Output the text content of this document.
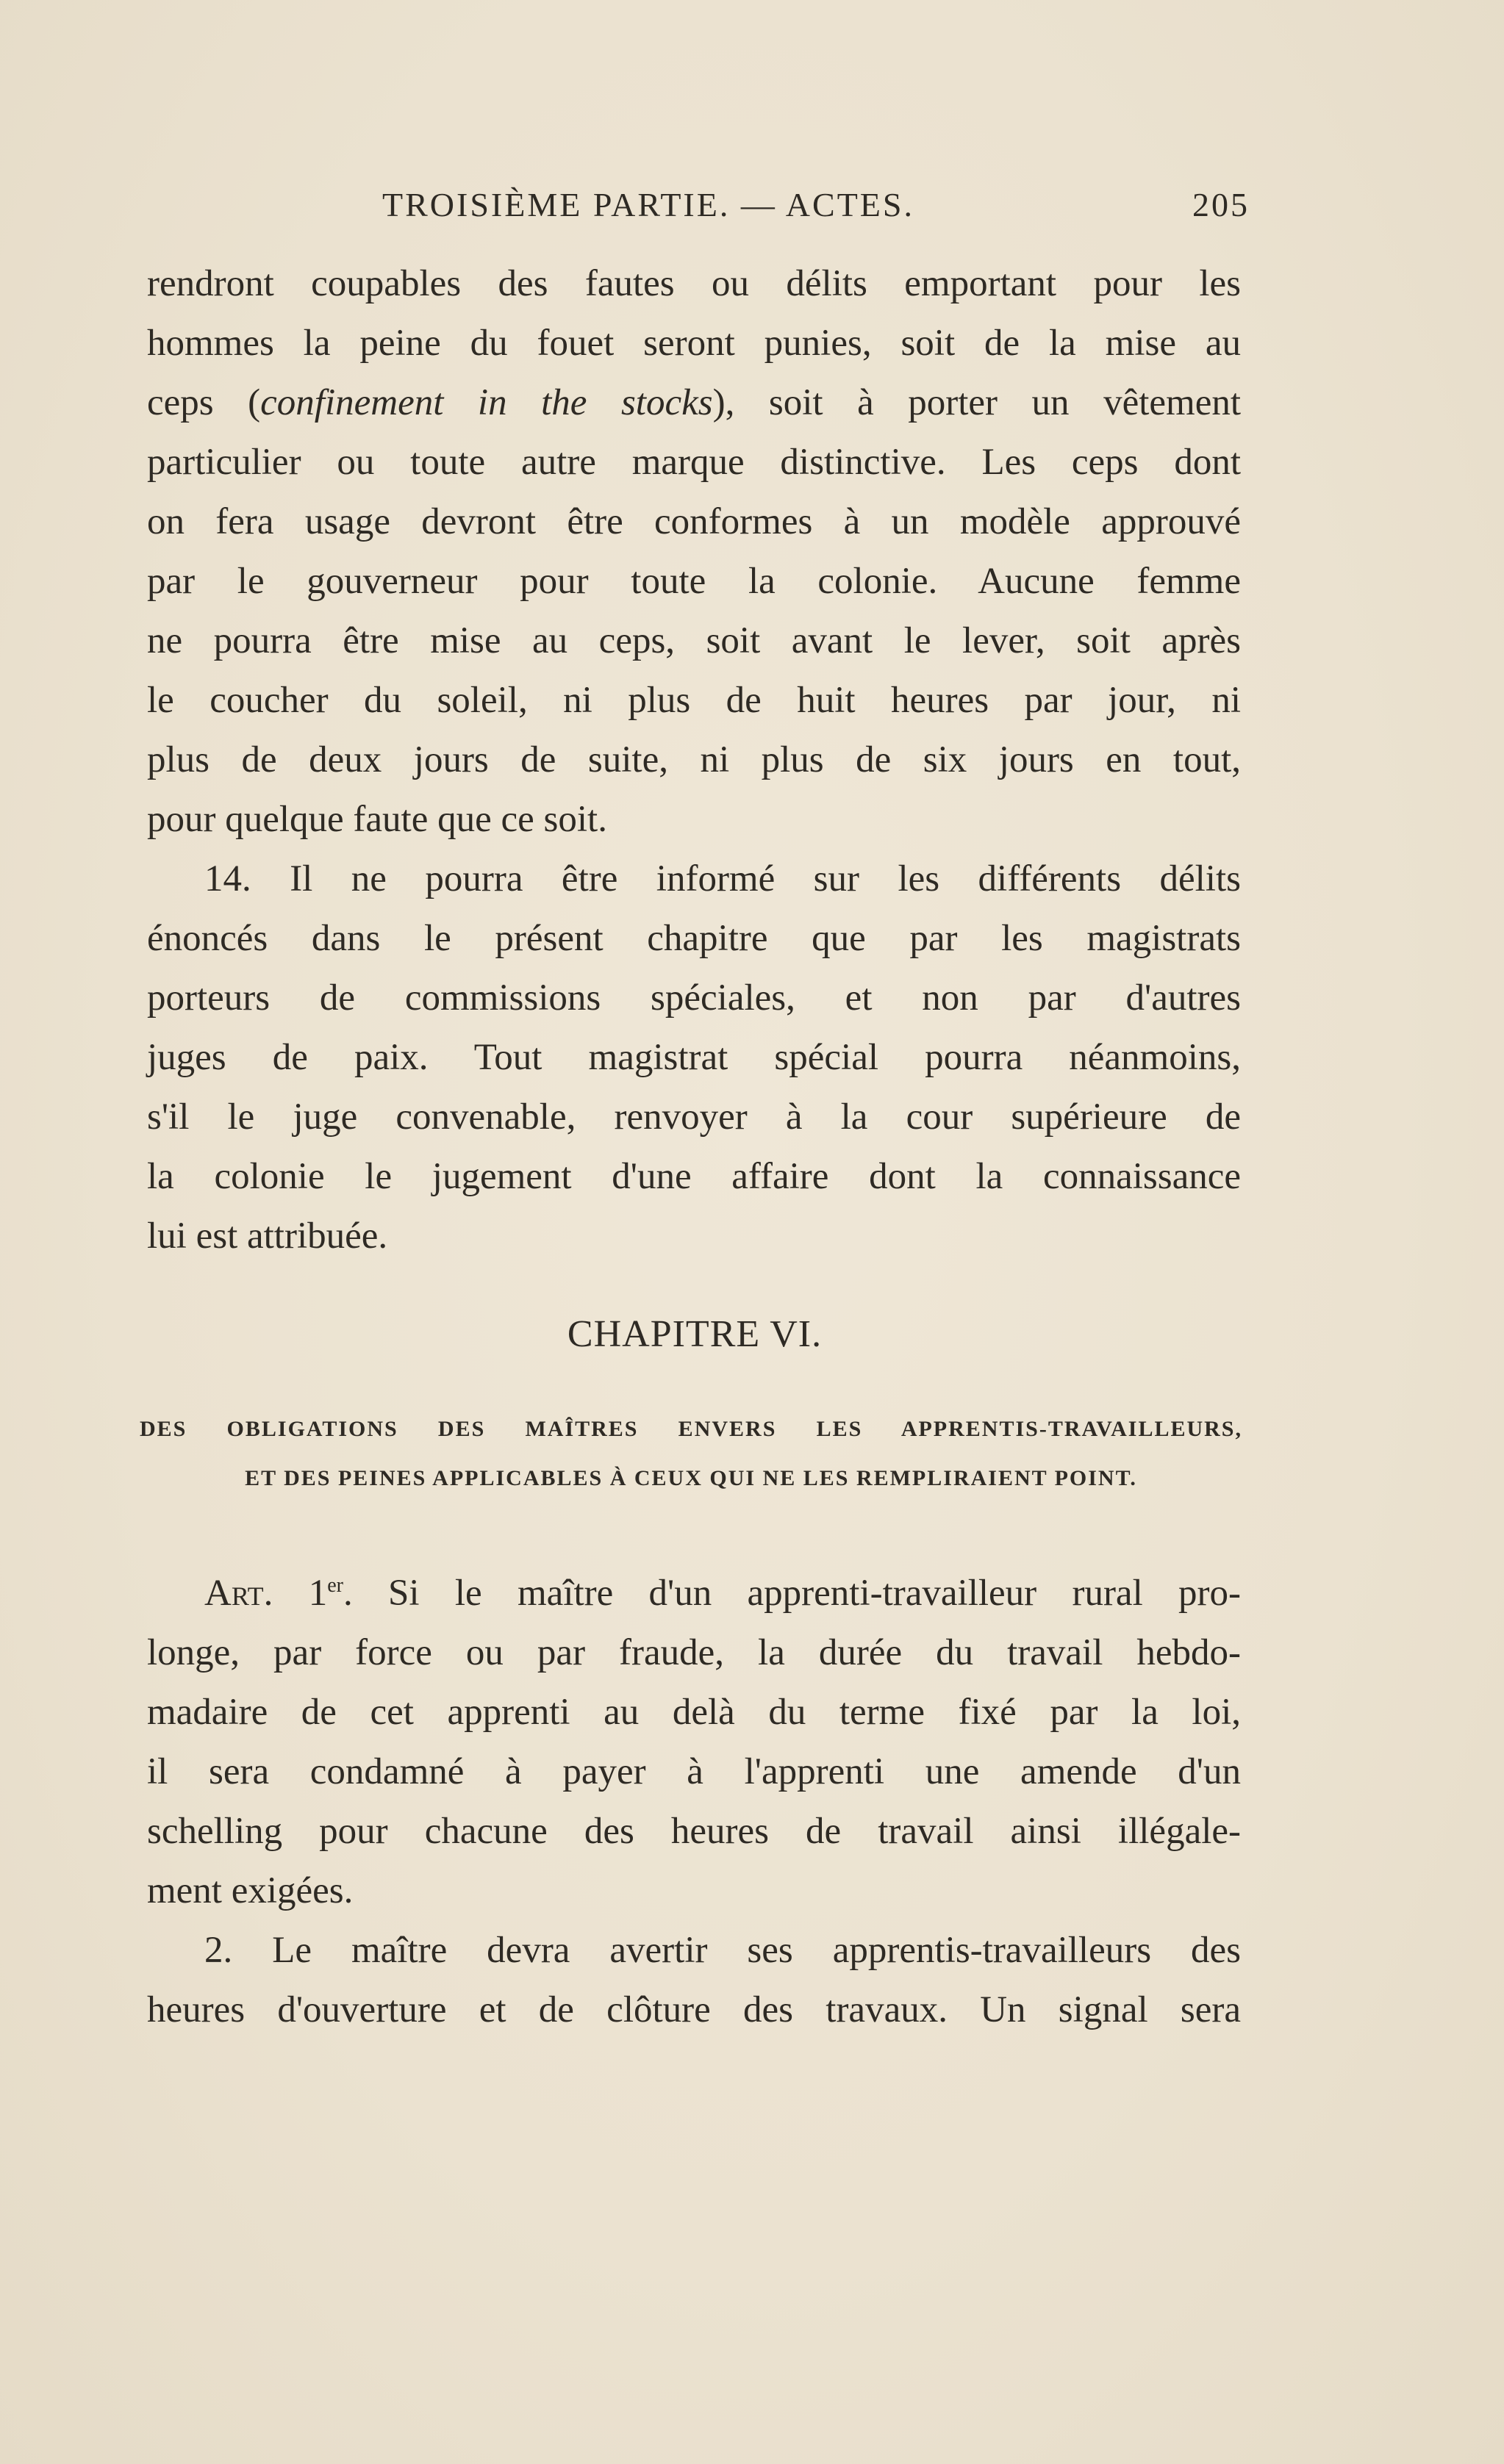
TROISIÈME PARTIE. — ACTES.	205
rendront coupables des fautes ou délits emportant pour les
hommes la peine du fouet seront punies, soit de la mise au
ceps (confinement in the stocks), soit à porter un vêtement
particulier ou toute autre marque distinctive. Les ceps dont
on fera usage devront être conformes à un modèle approuvé
par le gouverneur pour toute la colonie. Aucune femme
ne pourra être mise au ceps, soit avant le lever, soit après
le coucher du soleil, ni plus de huit heures par jour, ni
plus de deux jours de suite, ni plus de six jours en tout,
pour quelque faute que ce soit.
14. Il ne pourra être informé sur les différents délits
énoncés dans le présent chapitre que par les magistrats
porteurs de commissions spéciales, et non par d'autres
juges de paix. Tout magistrat spécial pourra néanmoins,
s'il le juge convenable, renvoyer à la cour supérieure de
la colonie le jugement d'une affaire dont la connaissance
lui est attribuée.
CHAPITRE VI.
DES OBLIGATIONS DES MAÎTRES ENVERS LES APPRENTIS-TRAVAILLEURS,
ET DES PEINES APPLICABLES À CEUX QUI NE LES REMPLIRAIENT POINT.
Art. 1er. Si le maître d'un apprenti-travailleur rural pro-
longe, par force ou par fraude, la durée du travail hebdo-
madaire de cet apprenti au delà du terme fixé par la loi,
il sera condamné à payer à l'apprenti une amende d'un
schelling pour chacune des heures de travail ainsi illégale-
ment exigées.
2. Le maître devra avertir ses apprentis-travailleurs des
heures d'ouverture et de clôture des travaux. Un signal sera
